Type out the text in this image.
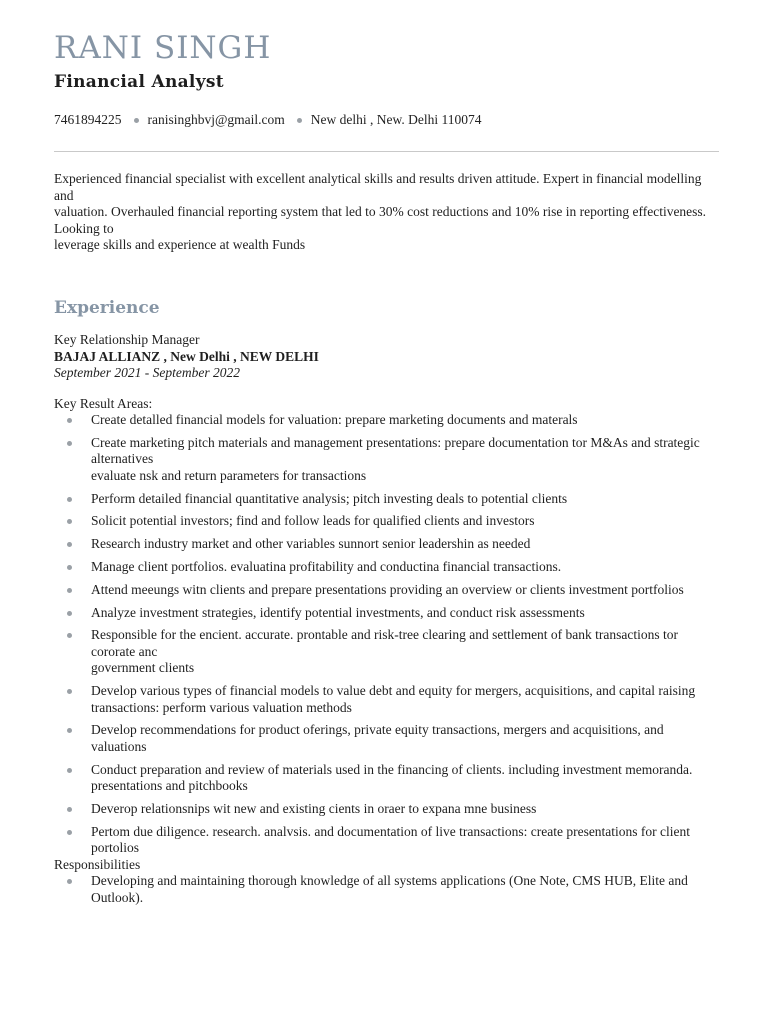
RANI SINGH
Financial Analyst
7461894225 ranisinghbvj@gmail.com New delhi , New. Delhi 110074
Experienced financial specialist with excellent analytical skills and results driven attitude. Expert in financial modelling and
valuation. Overhauled financial reporting system that led to 30% cost reductions and 10% rise in reporting effectiveness.
Looking to
leverage skills and experience at wealth Funds
Experience
Key Relationship Manager
BAJAJ ALLIANZ , New Delhi , NEW DELHI
September 2021 - September 2022
Key Result Areas:
Create detalled financial models for valuation: prepare marketing documents and materals
Create marketing pitch materials and management presentations: prepare documentation tor M&As and strategic alternatives
evaluate nsk and return parameters for transactions
Perform detailed financial quantitative analysis; pitch investing deals to potential clients
Solicit potential investors; find and follow leads for qualified clients and investors
Research industry market and other variables sunnort senior leadershin as needed
Manage client portfolios. evaluatina profitability and conductina financial transactions.
Attend meeungs witn clients and prepare presentations providing an overview or clients investment portfolios
Analyze investment strategies, identify potential investments, and conduct risk assessments
Responsible for the encient. accurate. prontable and risk-tree clearing and settlement of bank transactions tor cororate anc
government clients
Develop various types of financial models to value debt and equity for mergers, acquisitions, and capital raising transactions: perform various valuation methods
Develop recommendations for product oferings, private equity transactions, mergers and acquisitions, and valuations
Conduct preparation and review of materials used in the financing of clients. including investment memoranda.
presentations and pitchbooks
Deverop relationsnips wit new and existing cients in oraer to expana mne business
Pertom due diligence. research. analvsis. and documentation of live transactions: create presentations for client portolios
Responsibilities
Developing and maintaining thorough knowledge of all systems applications (One Note, CMS HUB, Elite and Outlook).
